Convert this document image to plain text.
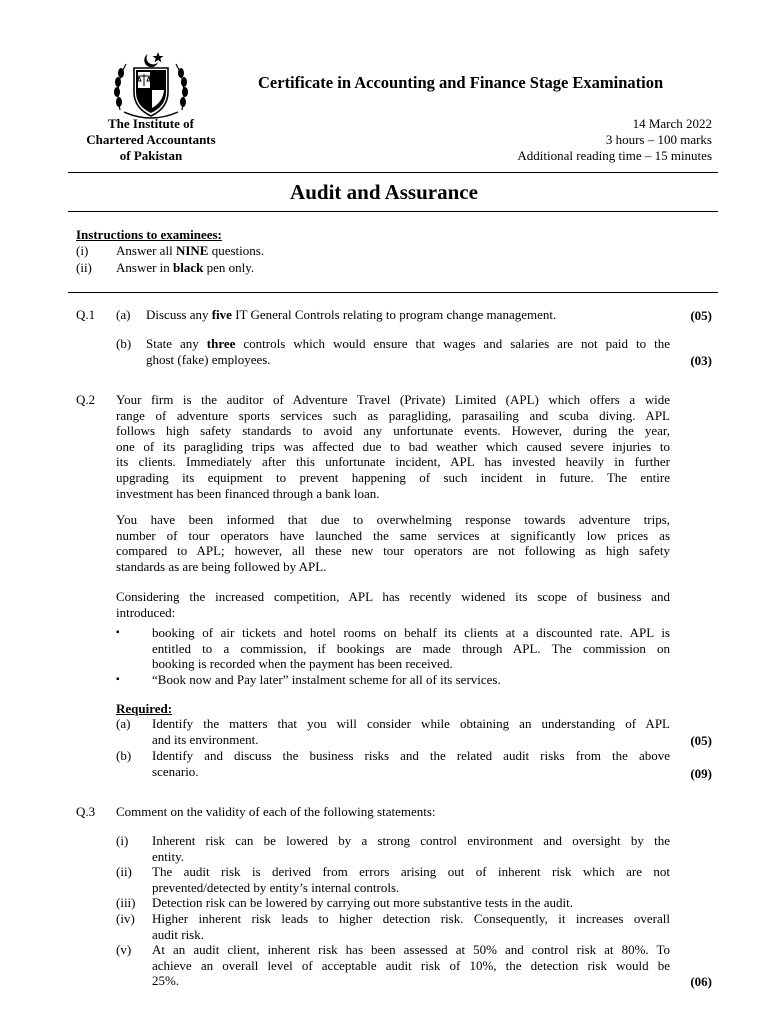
The Institute of
Chartered Accountants
of Pakistan
Certificate in Accounting and Finance Stage Examination
14 March 2022
3 hours – 100 marks
Additional reading time – 15 minutes
Audit and Assurance
Instructions to examinees:
(i) Answer all NINE questions.
(ii) Answer in black pen only.
Q.1 (a) Discuss any five IT General Controls relating to program change management.	(05)
(b) State any three controls which would ensure that wages and salaries are not paid to the
ghost (fake) employees.	(03)
Q.2 Your firm is the auditor of Adventure Travel (Private) Limited (APL) which offers a wide
range of adventure sports services such as paragliding, parasailing and scuba diving. APL
follows high safety standards to avoid any unfortunate events. However, during the year,
one of its paragliding trips was affected due to bad weather which caused severe injuries to
its clients. Immediately after this unfortunate incident, APL has invested heavily in further
upgrading its equipment to prevent happening of such incident in future. The entire
investment has been financed through a bank loan.
You have been informed that due to overwhelming response towards adventure trips,
number of tour operators have launched the same services at significantly low prices as
compared to APL; however, all these new tour operators are not following as high safety
standards as are being followed by APL.
Considering the increased competition, APL has recently widened its scope of business and
introduced:
▪ booking of air tickets and hotel rooms on behalf its clients at a discounted rate. APL is
entitled to a commission, if bookings are made through APL. The commission on
booking is recorded when the payment has been received.
▪ “Book now and Pay later” instalment scheme for all of its services.
Required:
(a) Identify the matters that you will consider while obtaining an understanding of APL
and its environment.	(05)
(b) Identify and discuss the business risks and the related audit risks from the above
scenario.	(09)
Q.3 Comment on the validity of each of the following statements:
(i) Inherent risk can be lowered by a strong control environment and oversight by the
entity.
(ii) The audit risk is derived from errors arising out of inherent risk which are not
prevented/detected by entity’s internal controls.
(iii) Detection risk can be lowered by carrying out more substantive tests in the audit.
(iv) Higher inherent risk leads to higher detection risk. Consequently, it increases overall
audit risk.
(v) At an audit client, inherent risk has been assessed at 50% and control risk at 80%. To
achieve an overall level of acceptable audit risk of 10%, the detection risk would be
25%.	(06)
